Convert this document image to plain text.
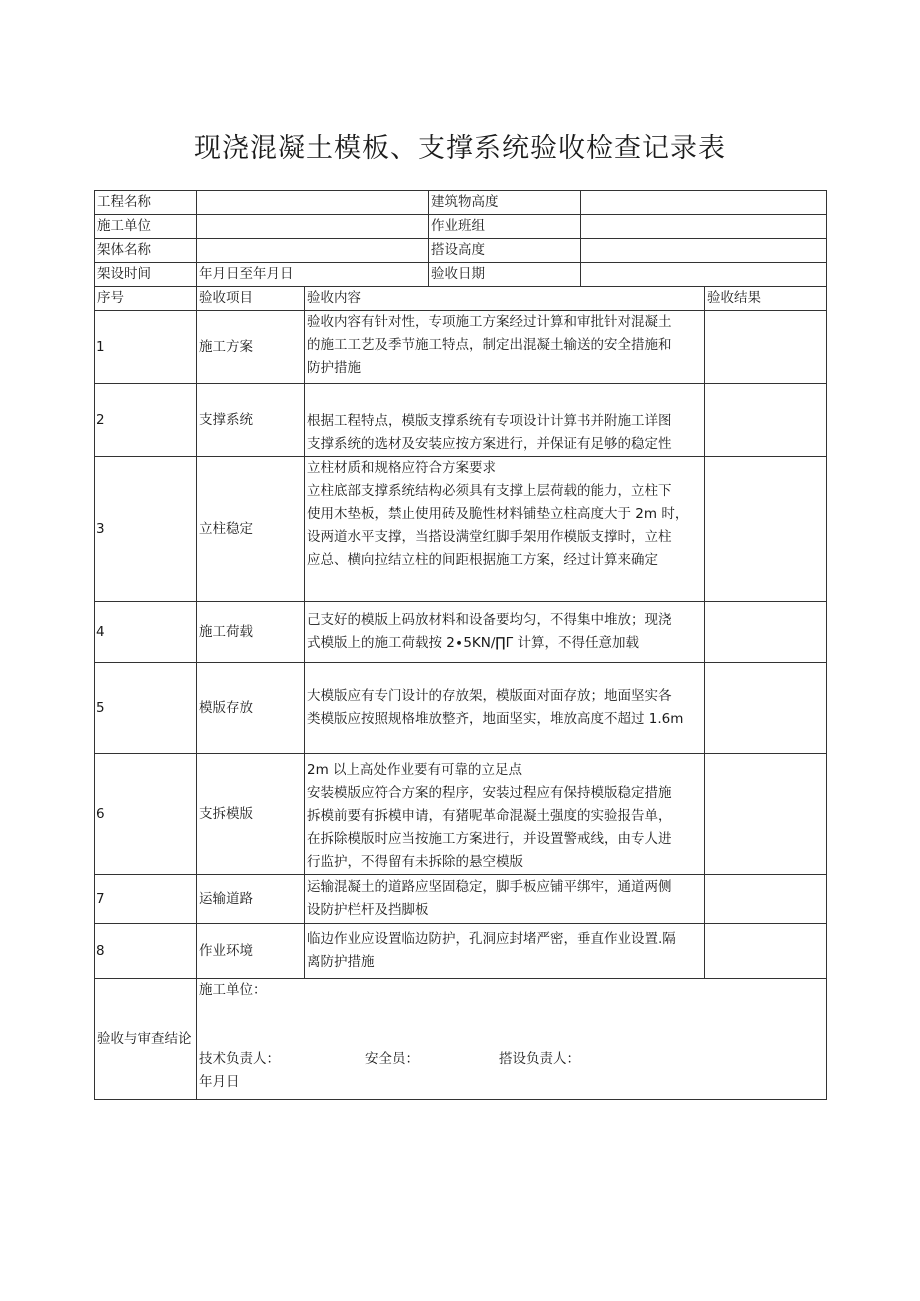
现浇混凝土模板、支撑系统验收检查记录表
工程名称			建筑物高度		
施工单位			作业班组		
架体名称			搭设高度		
架设时间	年月日至年月日		验收日期		
序号	验收项目	验收内容			验收结果
1	施工方案	验收内容有针对性，专项施工方案经过计算和审批针对混凝土
的施工工艺及季节施工特点，制定出混凝土输送的安全措施和
防护措施			

2	支撑系统	根据工程特点，模版支撑系统有专项设计计算书并附施工详图
支撑系统的选材及安装应按方案进行，并保证有足够的稳定性			

3	立柱稳定	立柱材质和规格应符合方案要求
立柱底部支撑系统结构必须具有支撑上层荷载的能力，立柱下
使用木垫板，禁止使用砖及脆性材料铺垫立柱高度大于 2m 时，
设两道水平支撑，当搭设满堂红脚手架用作模版支撑时，立柱
应总、横向拉结立柱的间距根据施工方案，经过计算来确定			

4	施工荷载	己支好的模版上码放材料和设备要均匀，不得集中堆放；现浇
式模版上的施工荷载按 2∙5KN∕∏Γ 计算，不得任意加载			

5	模版存放	大模版应有专门设计的存放架，模版面对面存放；地面坚实各
类模版应按照规格堆放整齐，地面坚实，堆放高度不超过 1.6m			

6	支拆模版	2m 以上高处作业要有可靠的立足点
安装模版应符合方案的程序，安装过程应有保持模版稳定措施
拆模前要有拆模申请，有猪呢革命混凝土强度的实验报告单，
在拆除模版时应当按施工方案进行，并设置警戒线，由专人进
行监护，不得留有未拆除的悬空模版			

7	运输道路	运输混凝土的道路应坚固稳定，脚手板应铺平绑牢，通道两侧
设防护栏杆及挡脚板			

8	作业环境	临边作业应设置临边防护，孔洞应封堵严密，垂直作业设置.隔
离防护措施			

验收与审查结论	施工单位：
技术负责人： 安全员： 搭设负责人：
年月日				
